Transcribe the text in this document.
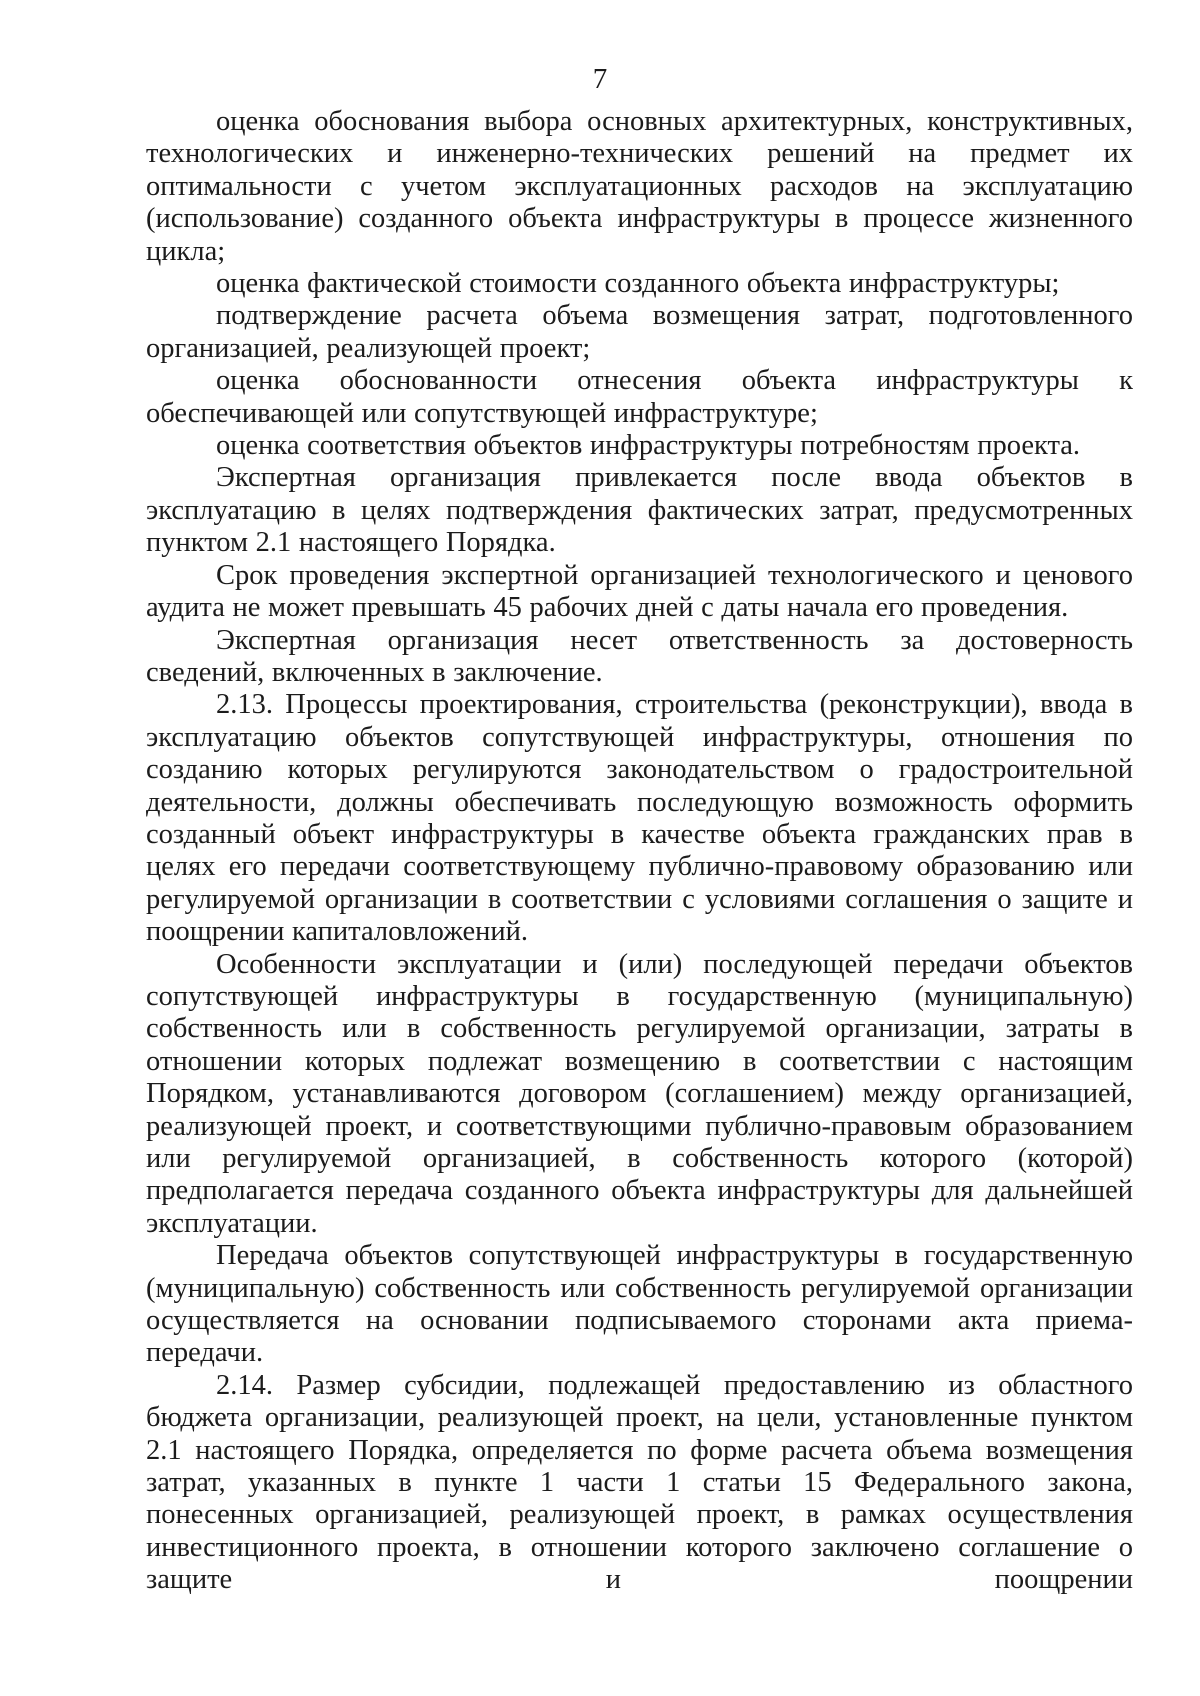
7

оценка обоснования выбора основных архитектурных, конструктивных, технологических и инженерно-технических решений на предмет их оптимальности с учетом эксплуатационных расходов на эксплуатацию (использование) созданного объекта инфраструктуры в процессе жизненного цикла;

оценка фактической стоимости созданного объекта инфраструктуры;

подтверждение расчета объема возмещения затрат, подготовленного организацией, реализующей проект;

оценка обоснованности отнесения объекта инфраструктуры к обеспечивающей или сопутствующей инфраструктуре;

оценка соответствия объектов инфраструктуры потребностям проекта.

Экспертная организация привлекается после ввода объектов в эксплуатацию в целях подтверждения фактических затрат, предусмотренных пунктом 2.1 настоящего Порядка.

Срок проведения экспертной организацией технологического и ценового аудита не может превышать 45 рабочих дней с даты начала его проведения.

Экспертная организация несет ответственность за достоверность сведений, включенных в заключение.

2.13. Процессы проектирования, строительства (реконструкции), ввода в эксплуатацию объектов сопутствующей инфраструктуры, отношения по созданию которых регулируются законодательством о градостроительной деятельности, должны обеспечивать последующую возможность оформить созданный объект инфраструктуры в качестве объекта гражданских прав в целях его передачи соответствующему публично-правовому образованию или регулируемой организации в соответствии с условиями соглашения о защите и поощрении капиталовложений.

Особенности эксплуатации и (или) последующей передачи объектов сопутствующей инфраструктуры в государственную (муниципальную) собственность или в собственность регулируемой организации, затраты в отношении которых подлежат возмещению в соответствии с настоящим Порядком, устанавливаются договором (соглашением) между организацией, реализующей проект, и соответствующими публично-правовым образованием или регулируемой организацией, в собственность которого (которой) предполагается передача созданного объекта инфраструктуры для дальнейшей эксплуатации.

Передача объектов сопутствующей инфраструктуры в государственную (муниципальную) собственность или собственность регулируемой организации осуществляется на основании подписываемого сторонами акта приема-передачи.

2.14. Размер субсидии, подлежащей предоставлению из областного бюджета организации, реализующей проект, на цели, установленные пунктом 2.1 настоящего Порядка, определяется по форме расчета объема возмещения затрат, указанных в пункте 1 части 1 статьи 15 Федерального закона, понесенных организацией, реализующей проект, в рамках осуществления инвестиционного проекта, в отношении которого заключено соглашение о защите и поощрении
